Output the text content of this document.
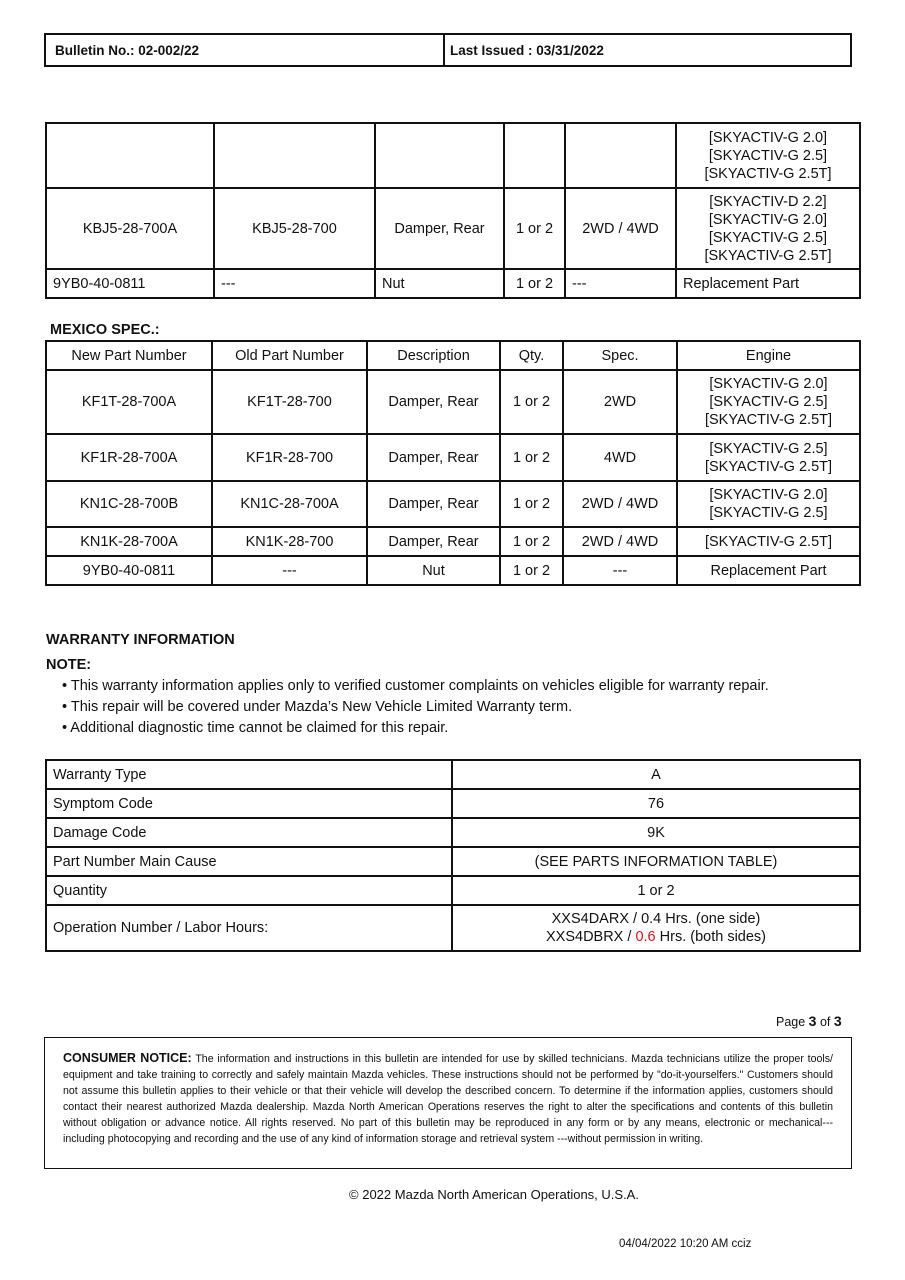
Bulletin No.: 02-002/22	Last Issued : 03/31/2022

					[SKYACTIV-G 2.0]
[SKYACTIV-G 2.5]
[SKYACTIV-G 2.5T]

KBJ5-28-700A	KBJ5-28-700	Damper, Rear	1 or 2	2WD / 4WD	[SKYACTIV-D 2.2]
[SKYACTIV-G 2.0]
[SKYACTIV-G 2.5]
[SKYACTIV-G 2.5T]

9YB0-40-0811	---	Nut	1 or 2	---	Replacement Part
MEXICO SPEC.:
New Part Number	Old Part Number	Description	Qty.	Spec.	Engine
KF1T-28-700A	KF1T-28-700	Damper, Rear	1 or 2	2WD	[SKYACTIV-G 2.0]
[SKYACTIV-G 2.5]
[SKYACTIV-G 2.5T]

KF1R-28-700A	KF1R-28-700	Damper, Rear	1 or 2	4WD	[SKYACTIV-G 2.5]
[SKYACTIV-G 2.5T]

KN1C-28-700B	KN1C-28-700A	Damper, Rear	1 or 2	2WD / 4WD	[SKYACTIV-G 2.0]
[SKYACTIV-G 2.5]

KN1K-28-700A	KN1K-28-700	Damper, Rear	1 or 2	2WD / 4WD	[SKYACTIV-G 2.5T]
9YB0-40-0811	---	Nut	1 or 2	---	Replacement Part
WARRANTY INFORMATION
NOTE:
• This warranty information applies only to verified customer complaints on vehicles eligible for warranty repair.
• This repair will be covered under Mazda’s New Vehicle Limited Warranty term.
• Additional diagnostic time cannot be claimed for this repair.
Warranty Type	A
Symptom Code	76
Damage Code	9K
Part Number Main Cause	(SEE PARTS INFORMATION TABLE)
Quantity	1 or 2
Operation Number / Labor Hours:	XXS4DARX / 0.4 Hrs. (one side)
XXS4DBRX / 0.6 Hrs. (both sides)
Page 3 of 3
CONSUMER NOTICE: The information and instructions in this bulletin are intended for use by skilled technicians. Mazda technicians utilize the proper tools/ equipment and take training to correctly and safely maintain Mazda vehicles. These instructions should not be performed by "do-it-yourselfers." Customers should not assume this bulletin applies to their vehicle or that their vehicle will develop the described concern. To determine if the information applies, customers should contact their nearest authorized Mazda dealership. Mazda North American Operations reserves the right to alter the specifications and contents of this bulletin without obligation or advance notice. All rights reserved. No part of this bulletin may be reproduced in any form or by any means, electronic or mechanical---including photocopying and recording and the use of any kind of information storage and retrieval system ---without permission in writing.
© 2022 Mazda North American Operations, U.S.A.
04/04/2022 10:20 AM cciz
